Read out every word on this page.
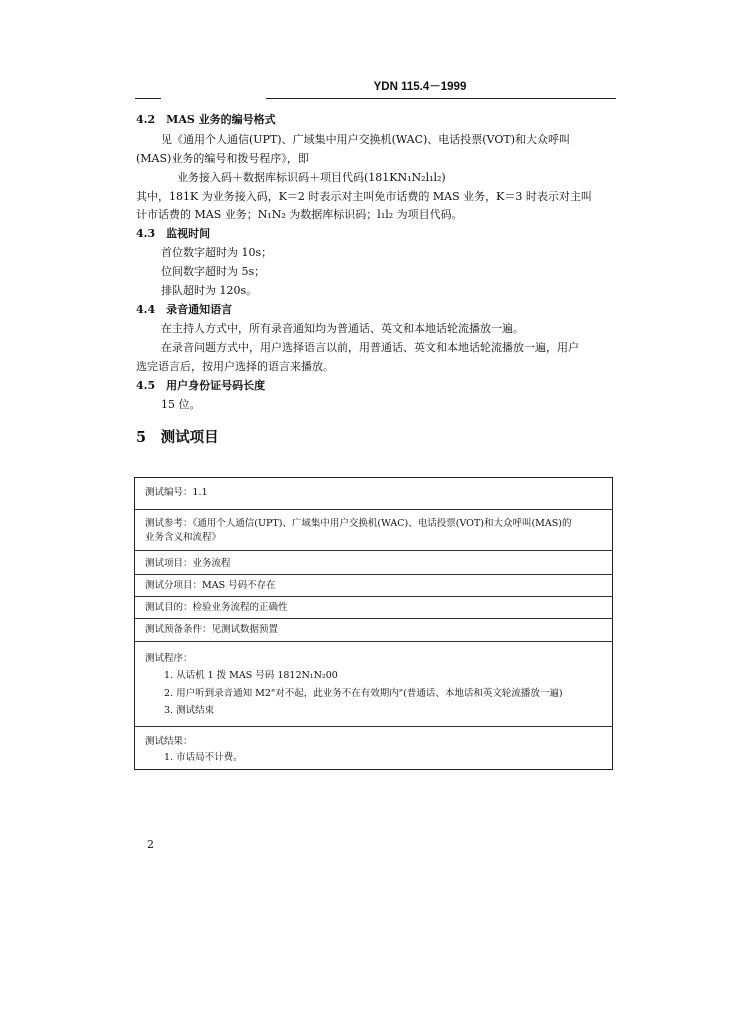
YDN 115.4－1999
4.2　MAS 业务的编号格式
见《通用个人通信(UPT)、广域集中用户交换机(WAC)、电话投票(VOT)和大众呼叫
(MAS)业务的编号和拨号程序》，即
业务接入码＋数据库标识码＋项目代码(181KN₁N₂l₁l₂)
其中，181K 为业务接入码，K＝2 时表示对主叫免市话费的 MAS 业务，K＝3 时表示对主叫
计市话费的 MAS 业务；N₁N₂ 为数据库标识码；l₁l₂ 为项目代码。
4.3　监视时间
首位数字超时为 10s；
位间数字超时为 5s；
排队超时为 120s。
4.4　录音通知语言
在主持人方式中，所有录音通知均为普通话、英文和本地话轮流播放一遍。
在录音问题方式中，用户选择语言以前，用普通话、英文和本地话轮流播放一遍，用户
选完语言后，按用户选择的语言来播放。
4.5　用户身份证号码长度
15 位。
5　测试项目
测试编号：1.1
测试参考：《通用个人通信(UPT)、广域集中用户交换机(WAC)、电话投票(VOT)和大众呼叫(MAS)的
业务含义和流程》
测试项目：业务流程
测试分项目：MAS 号码不存在
测试目的：检验业务流程的正确性
测试预备条件：见测试数据预置
测试程序：
1. 从话机 1 拨 MAS 号码 1812N₁N₂00
2. 用户听到录音通知 M2"对不起，此业务不在有效期内"(普通话、本地话和英文轮流播放一遍)
3. 测试结束
测试结果：
1. 市话局不计费。
2
